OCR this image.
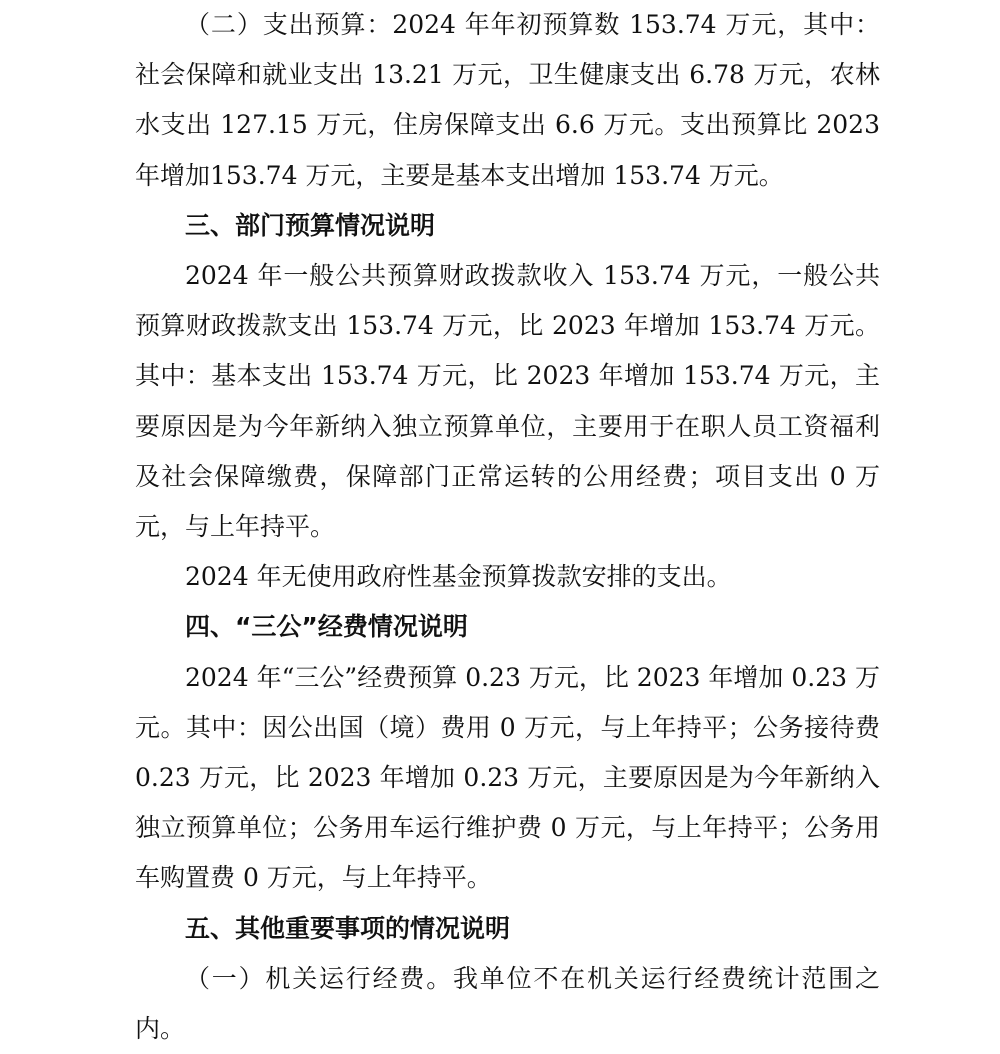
（二）支出预算：2024 年年初预算数 153.74 万元，其中：社会保障和就业支出 13.21 万元，卫生健康支出 6.78 万元，农林水支出 127.15 万元，住房保障支出 6.6 万元。支出预算比 2023 年增加153.74 万元，主要是基本支出增加 153.74 万元。

三、部门预算情况说明

2024 年一般公共预算财政拨款收入 153.74 万元，一般公共预算财政拨款支出 153.74 万元，比 2023 年增加 153.74 万元。其中：基本支出 153.74 万元，比 2023 年增加 153.74 万元，主要原因是为今年新纳入独立预算单位，主要用于在职人员工资福利及社会保障缴费，保障部门正常运转的公用经费；项目支出 0 万元，与上年持平。

2024 年无使用政府性基金预算拨款安排的支出。

四、“三公”经费情况说明

2024 年“三公”经费预算 0.23 万元，比 2023 年增加 0.23 万元。其中：因公出国（境）费用 0 万元，与上年持平；公务接待费 0.23 万元，比 2023 年增加 0.23 万元，主要原因是为今年新纳入独立预算单位；公务用车运行维护费 0 万元，与上年持平；公务用车购置费 0 万元，与上年持平。

五、其他重要事项的情况说明

（一）机关运行经费。我单位不在机关运行经费统计范围之内。
